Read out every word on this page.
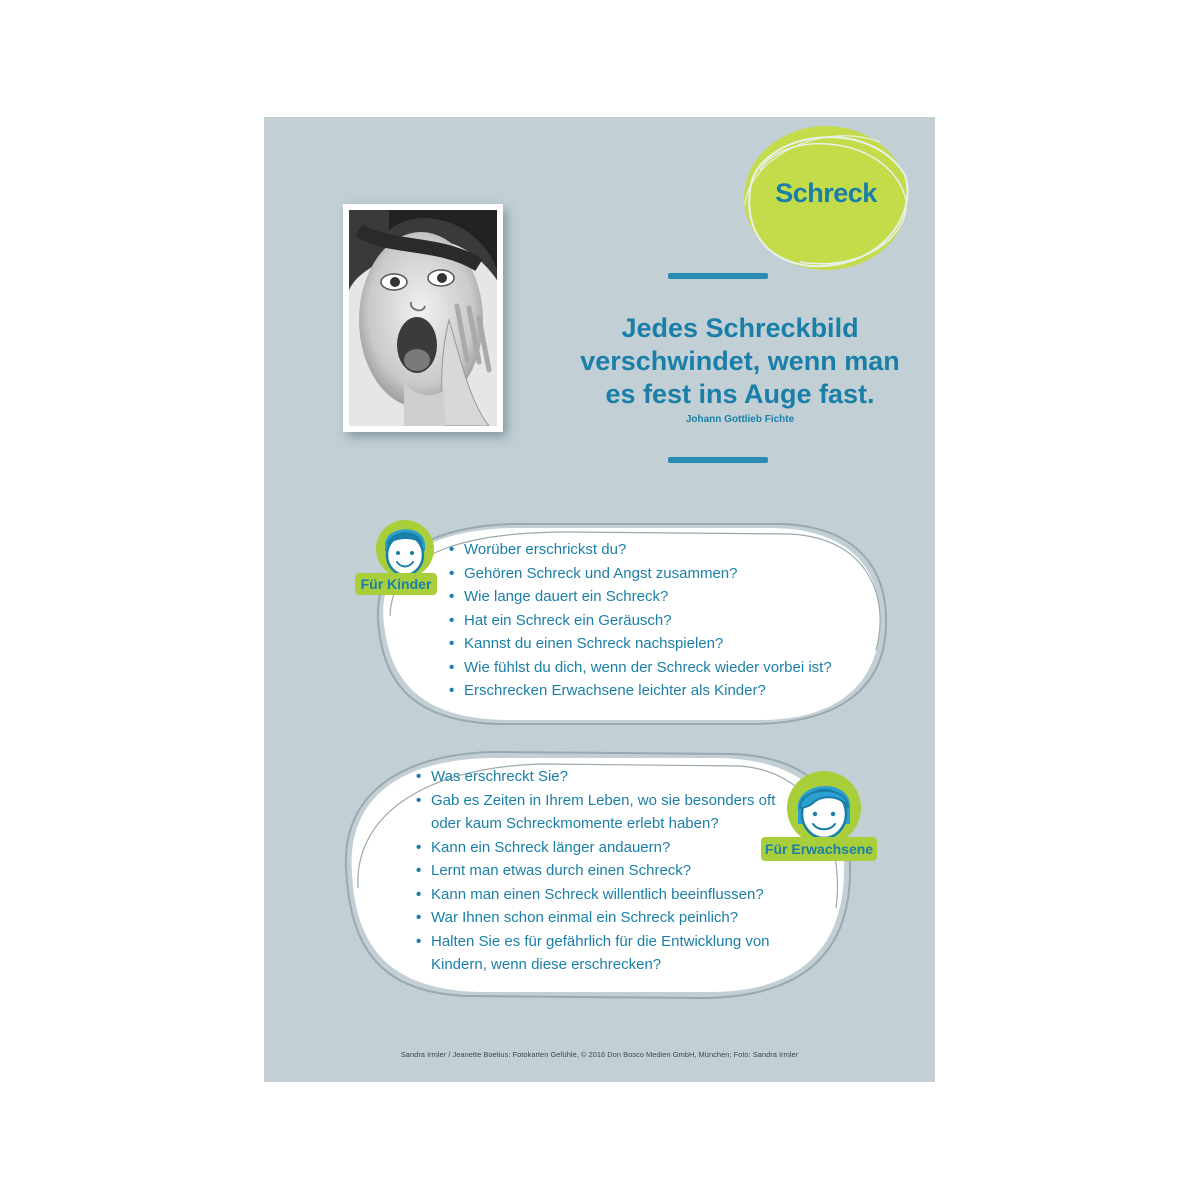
Schreck
Jedes Schreckbild
verschwindet, wenn man
es fest ins Auge fast.
Johann Gottlieb Fichte
Für Kinder
• Worüber erschrickst du?
• Gehören Schreck und Angst zusammen?
• Wie lange dauert ein Schreck?
• Hat ein Schreck ein Geräusch?
• Kannst du einen Schreck nachspielen?
• Wie fühlst du dich, wenn der Schreck wieder vorbei ist?
• Erschrecken Erwachsene leichter als Kinder?
Für Erwachsene
• Was erschreckt Sie?
• Gab es Zeiten in Ihrem Leben, wo sie besonders oft
oder kaum Schreckmomente erlebt haben?
• Kann ein Schreck länger andauern?
• Lernt man etwas durch einen Schreck?
• Kann man einen Schreck willentlich beeinflussen?
• War Ihnen schon einmal ein Schreck peinlich?
• Halten Sie es für gefährlich für die Entwicklung von
Kindern, wenn diese erschrecken?
Sandra Irmler / Jeanette Boetius: Fotokarten Gefühle, © 2016 Don Bosco Medien GmbH, München; Foto: Sandra Irmler
